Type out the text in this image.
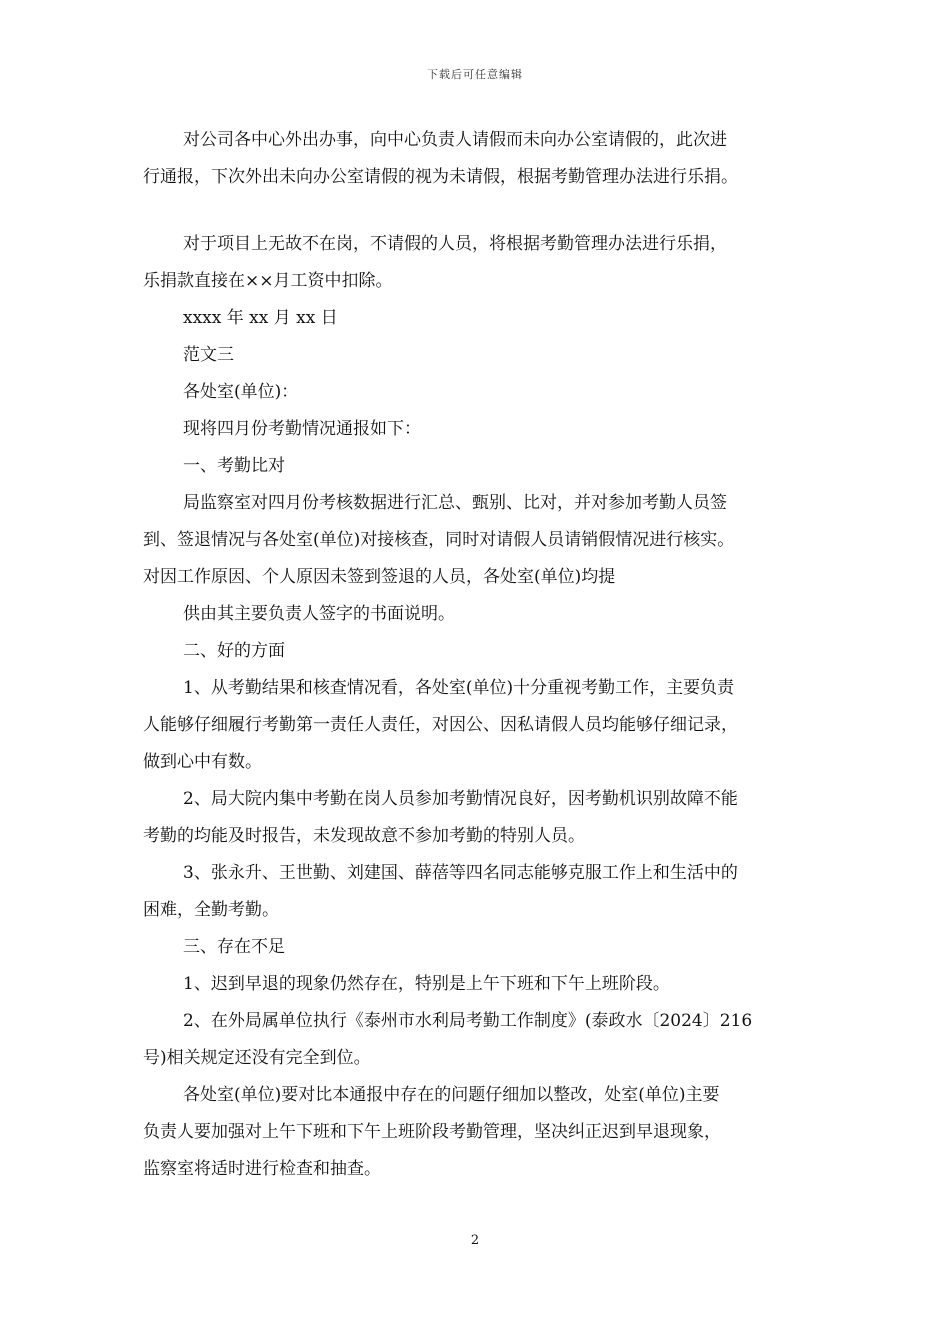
下载后可任意编辑
对公司各中心外出办事，向中心负责人请假而未向办公室请假的，此次进
行通报，下次外出未向办公室请假的视为未请假，根据考勤管理办法进行乐捐。
对于项目上无故不在岗，不请假的人员，将根据考勤管理办法进行乐捐，
乐捐款直接在××月工资中扣除。
xxxx 年 xx 月 xx 日
范文三
各处室(单位)：
现将四月份考勤情况通报如下：
一、考勤比对
局监察室对四月份考核数据进行汇总、甄别、比对，并对参加考勤人员签
到、签退情况与各处室(单位)对接核查，同时对请假人员请销假情况进行核实。
对因工作原因、个人原因未签到签退的人员，各处室(单位)均提
供由其主要负责人签字的书面说明。
二、好的方面
1、从考勤结果和核查情况看，各处室(单位)十分重视考勤工作，主要负责
人能够仔细履行考勤第一责任人责任，对因公、因私请假人员均能够仔细记录，
做到心中有数。
2、局大院内集中考勤在岗人员参加考勤情况良好，因考勤机识别故障不能
考勤的均能及时报告，未发现故意不参加考勤的特别人员。
3、张永升、王世勤、刘建国、薛蓓等四名同志能够克服工作上和生活中的
困难，全勤考勤。
三、存在不足
1、迟到早退的现象仍然存在，特别是上午下班和下午上班阶段。
2、在外局属单位执行《泰州市水利局考勤工作制度》(泰政水〔2024〕216
号)相关规定还没有完全到位。
各处室(单位)要对比本通报中存在的问题仔细加以整改，处室(单位)主要
负责人要加强对上午下班和下午上班阶段考勤管理，坚决纠正迟到早退现象，
监察室将适时进行检查和抽查。
2
